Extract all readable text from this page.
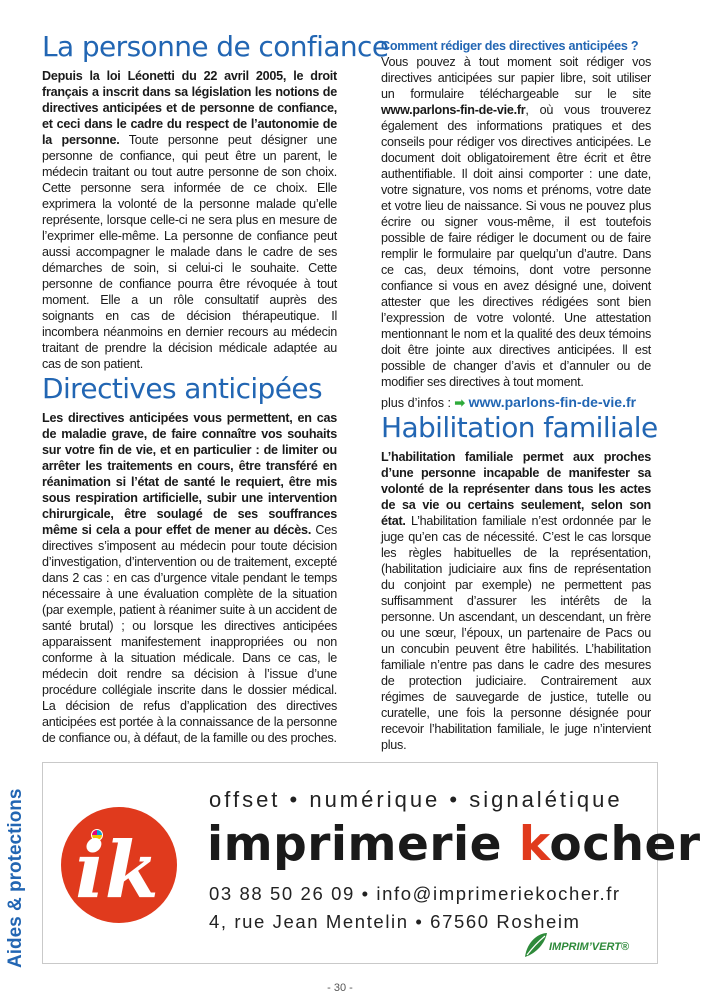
La personne de confiance

Depuis la loi Léonetti du 22 avril 2005, le droit français a inscrit dans sa législation les notions de directives anticipées et de personne de confiance, et ceci dans le cadre du respect de l’autonomie de la personne. Toute personne peut désigner une personne de confiance, qui peut être un parent, le médecin traitant ou tout autre personne de son choix. Cette personne sera informée de ce choix. Elle exprimera la volonté de la personne malade qu’elle représente, lorsque celle-ci ne sera plus en mesure de l’exprimer elle-même. La personne de confiance peut aussi accompagner le malade dans le cadre de ses démarches de soin, si celui-ci le souhaite. Cette personne de confiance pourra être révoquée à tout moment. Elle a un rôle consultatif auprès des soignants en cas de décision thérapeutique. Il incombera néanmoins en dernier recours au médecin traitant de prendre la décision médicale adaptée au cas de son patient.

Directives anticipées

Les directives anticipées vous permettent, en cas de maladie grave, de faire connaître vos souhaits sur votre fin de vie, et en particulier : de limiter ou arrêter les traitements en cours, être transféré en réanimation si l’état de santé le requiert, être mis sous respiration artificielle, subir une intervention chirurgicale, être soulagé de ses souffrances même si cela a pour effet de mener au décès. Ces directives s’imposent au médecin pour toute décision d’investigation, d’intervention ou de traitement, excepté dans 2 cas : en cas d’urgence vitale pendant le temps nécessaire à une évaluation complète de la situation (par exemple, patient à réanimer suite à un accident de santé brutal) ; ou lorsque les directives anticipées apparaissent manifestement inappropriées ou non conforme à la situation médicale. Dans ce cas, le médecin doit rendre sa décision à l’issue d’une procédure collégiale inscrite dans le dossier médical. La décision de refus d’application des directives anticipées est portée à la connaissance de la personne de confiance ou, à défaut, de la famille ou des proches.

Comment rédiger des directives anticipées ?

Vous pouvez à tout moment soit rédiger vos directives anticipées sur papier libre, soit utiliser un formulaire téléchargeable sur le site www.parlons-fin-de-vie.fr, où vous trouverez également des informations pratiques et des conseils pour rédiger vos directives anticipées. Le document doit obligatoirement être écrit et être authentifiable. Il doit ainsi comporter : une date, votre signature, vos noms et prénoms, votre date et votre lieu de naissance. Si vous ne pouvez plus écrire ou signer vous-même, il est toutefois possible de faire rédiger le document ou de faire remplir le formulaire par quelqu’un d’autre. Dans ce cas, deux témoins, dont votre personne confiance si vous en avez désigné une, doivent attester que les directives rédigées sont bien l’expression de votre volonté. Une attestation mentionnant le nom et la qualité des deux témoins doit être jointe aux directives anticipées. ll est possible de changer d’avis et d’annuler ou de modifier ses directives à tout moment.

plus d’infos : ➡ www.parlons-fin-de-vie.fr
Habilitation familiale

L’habilitation familiale permet aux proches d’une personne incapable de manifester sa volonté de la représenter dans tous les actes de sa vie ou certains seulement, selon son état. L’habilitation familiale n’est ordonnée par le juge qu’en cas de nécessité. C’est le cas lorsque les règles habituelles de la représentation, (habilitation judiciaire aux fins de représentation du conjoint par exemple) ne permettent pas suffisamment d’assurer les intérêts de la personne. Un ascendant, un descendant, un frère ou une sœur, l’époux, un partenaire de Pacs ou un concubin peuvent être habilités. L’habilitation familiale n’entre pas dans le cadre des mesures de protection judiciaire. Contrairement aux régimes de sauvegarde de justice, tutelle ou curatelle, une fois la personne désignée pour recevoir l’habilitation familiale, le juge n’intervient plus.

Aides & protections ik
offset • numérique • signalétique
imprimerie kocher
03 88 50 26 09 • info@imprimeriekocher.fr
4, rue Jean Mentelin • 67560 Rosheim
IMPRIM’VERT®
- 30 -
